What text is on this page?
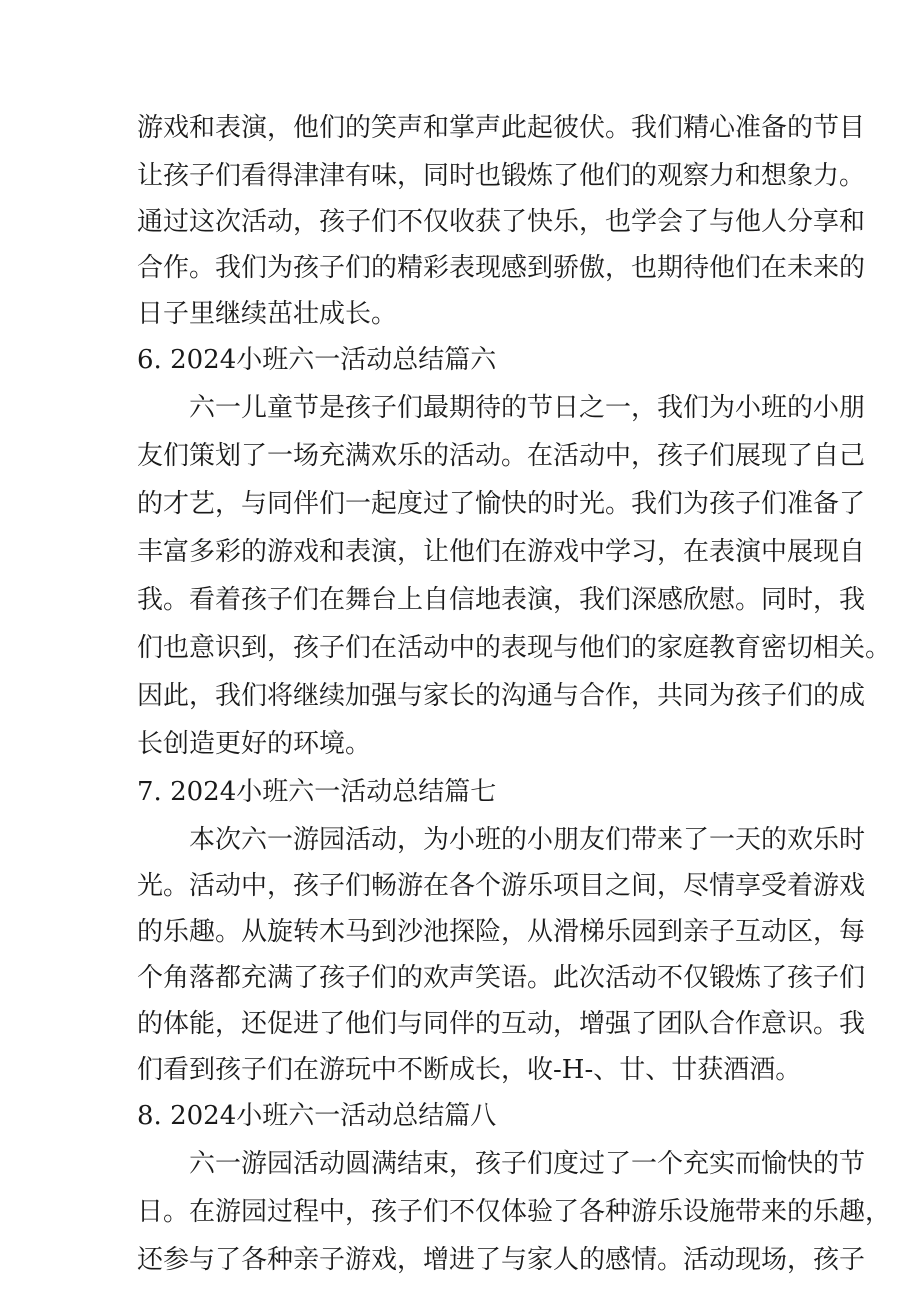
游戏和表演，他们的笑声和掌声此起彼伏。我们精心准备的节目
让孩子们看得津津有味，同时也锻炼了他们的观察力和想象力。
通过这次活动，孩子们不仅收获了快乐，也学会了与他人分享和
合作。我们为孩子们的精彩表现感到骄傲，也期待他们在未来的
日子里继续茁壮成长。
6. 2024小班六一活动总结篇六
六一儿童节是孩子们最期待的节日之一，我们为小班的小朋
友们策划了一场充满欢乐的活动。在活动中，孩子们展现了自己
的才艺，与同伴们一起度过了愉快的时光。我们为孩子们准备了
丰富多彩的游戏和表演，让他们在游戏中学习，在表演中展现自
我。看着孩子们在舞台上自信地表演，我们深感欣慰。同时，我
们也意识到，孩子们在活动中的表现与他们的家庭教育密切相关。
因此，我们将继续加强与家长的沟通与合作，共同为孩子们的成
长创造更好的环境。
7. 2024小班六一活动总结篇七
本次六一游园活动，为小班的小朋友们带来了一天的欢乐时
光。活动中，孩子们畅游在各个游乐项目之间，尽情享受着游戏
的乐趣。从旋转木马到沙池探险，从滑梯乐园到亲子互动区，每
个角落都充满了孩子们的欢声笑语。此次活动不仅锻炼了孩子们
的体能，还促进了他们与同伴的互动，增强了团队合作意识。我
们看到孩子们在游玩中不断成长，收-H-、廿、廿获酒酒。
8. 2024小班六一活动总结篇八
六一游园活动圆满结束，孩子们度过了一个充实而愉快的节
日。在游园过程中，孩子们不仅体验了各种游乐设施带来的乐趣，
还参与了各种亲子游戏，增进了与家人的感情。活动现场，孩子
